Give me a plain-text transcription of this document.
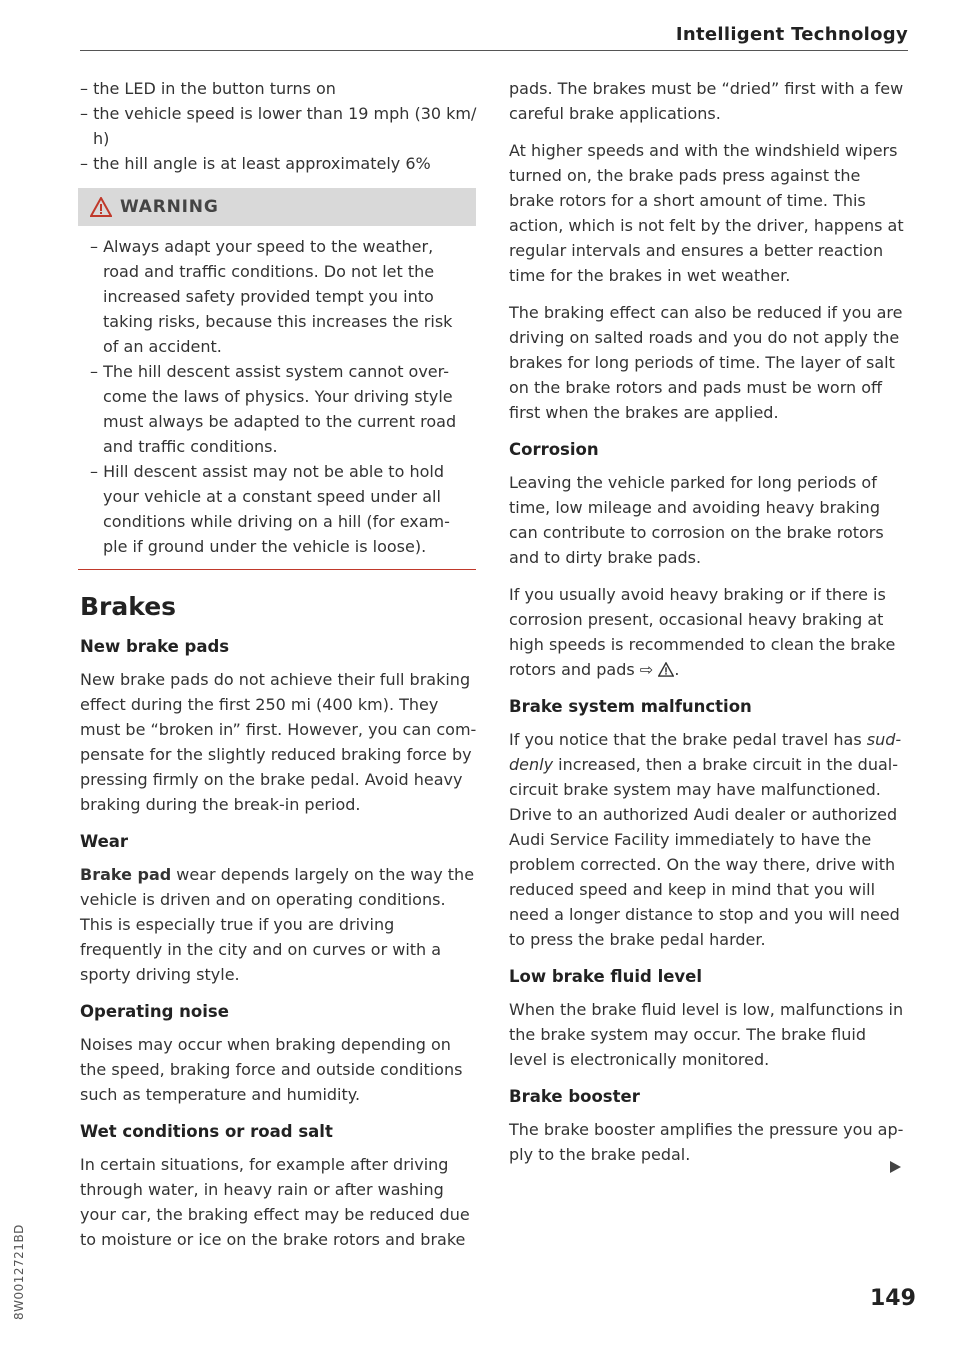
Intelligent Technology

– the LED in the button turns on

– the vehicle speed is lower than 19 mph (30 km/ h)

– the hill angle is at least approximately 6%

WARNING

– Always adapt your speed to the weather, road and traffic conditions. Do not let the increased safety provided tempt you into taking risks, because this increases the risk of an accident.

– The hill descent assist system cannot over-come the laws of physics. Your driving style must always be adapted to the current road and traffic conditions.

– Hill descent assist may not be able to hold your vehicle at a constant speed under all conditions while driving on a hill (for exam-ple if ground under the vehicle is loose).

Brakes
New brake pads

New brake pads do not achieve their full braking effect during the first 250 mi (400 km). They must be “broken in” first. However, you can com-pensate for the slightly reduced braking force by pressing firmly on the brake pedal. Avoid heavy braking during the break-in period.

Wear

Brake pad wear depends largely on the way the vehicle is driven and on operating conditions. This is especially true if you are driving frequently in the city and on curves or with a sporty driving style.

Operating noise

Noises may occur when braking depending on the speed, braking force and outside conditions such as temperature and humidity.

Wet conditions or road salt

In certain situations, for example after driving through water, in heavy rain or after washing your car, the braking effect may be reduced due to moisture or ice on the brake rotors and brake

pads. The brakes must be “dried” first with a few careful brake applications.

At higher speeds and with the windshield wipers turned on, the brake pads press against the brake rotors for a short amount of time. This action, which is not felt by the driver, happens at regular intervals and ensures a better reaction time for the brakes in wet weather.

The braking effect can also be reduced if you are driving on salted roads and you do not apply the brakes for long periods of time. The layer of salt on the brake rotors and pads must be worn off first when the brakes are applied.

Corrosion

Leaving the vehicle parked for long periods of time, low mileage and avoiding heavy braking can contribute to corrosion on the brake rotors and to dirty brake pads.

If you usually avoid heavy braking or if there is corrosion present, occasional heavy braking at high speeds is recommended to clean the brake rotors and pads ⇨ .

Brake system malfunction

If you notice that the brake pedal travel has sud-denly increased, then a brake circuit in the dual-circuit brake system may have malfunctioned. Drive to an authorized Audi dealer or authorized Audi Service Facility immediately to have the problem corrected. On the way there, drive with reduced speed and keep in mind that you will need a longer distance to stop and you will need to press the brake pedal harder.

Low brake fluid level

When the brake fluid level is low, malfunctions in the brake system may occur. The brake fluid level is electronically monitored.

Brake booster

The brake booster amplifies the pressure you ap-ply to the brake pedal.

8W0012721BD	149
